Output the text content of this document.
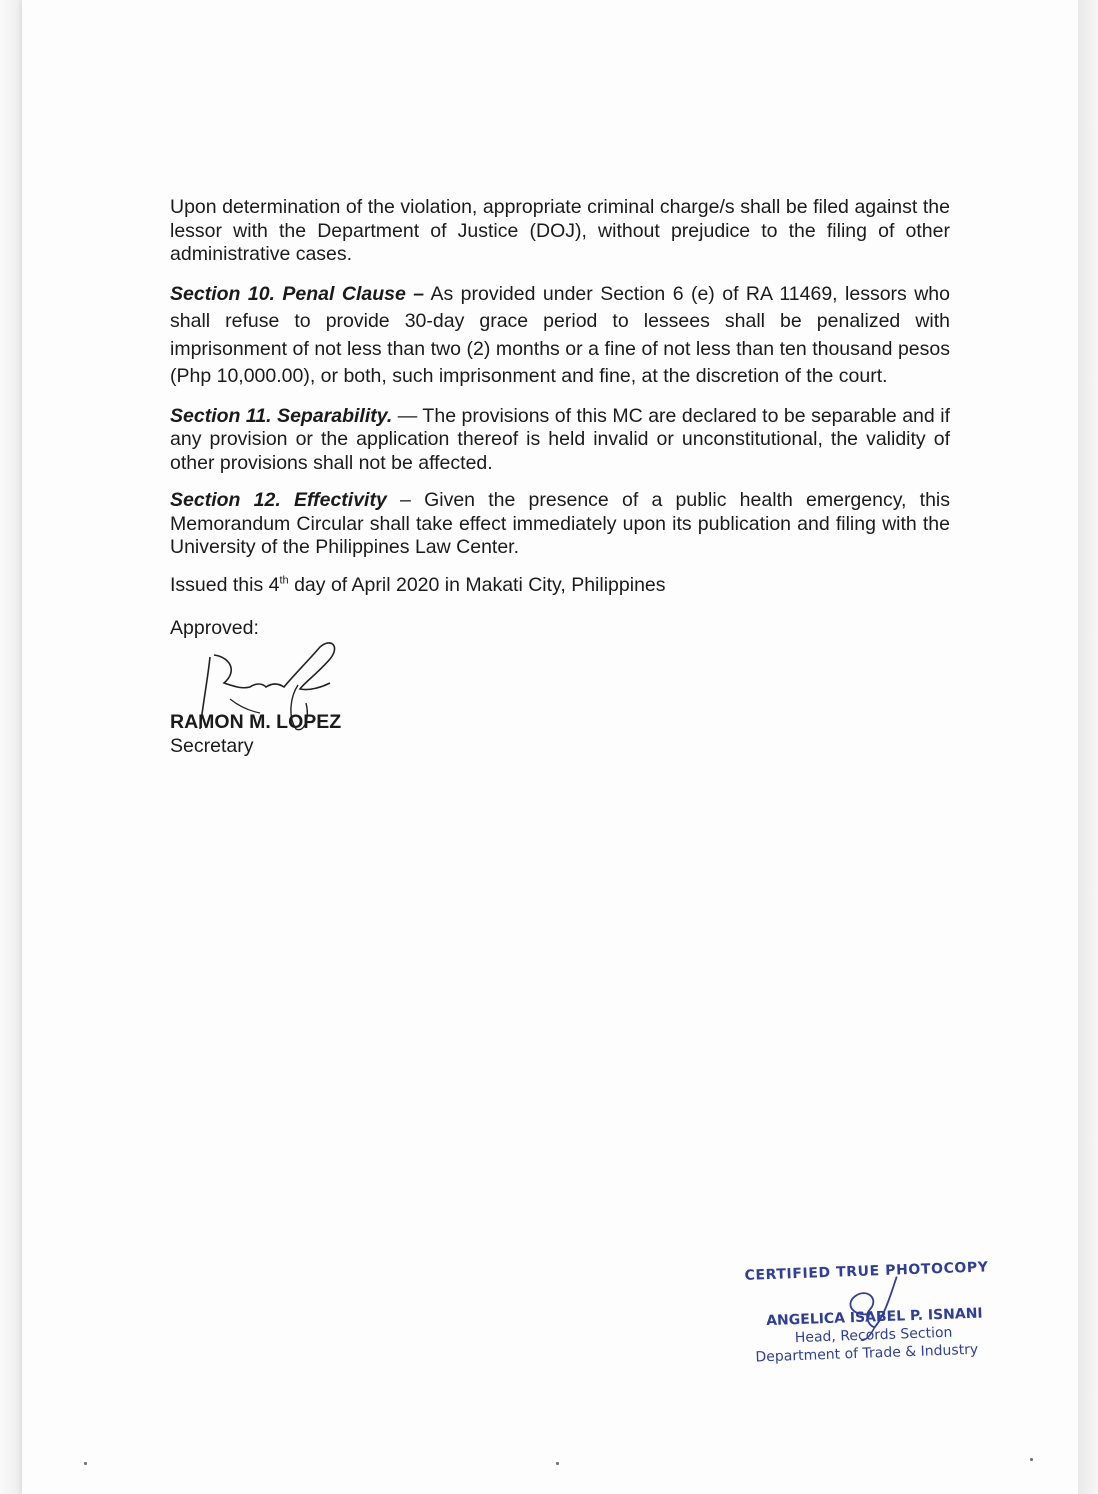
Upon determination of the violation, appropriate criminal charge/s shall be filed against the lessor with the Department of Justice (DOJ), without prejudice to the filing of other administrative cases.

Section 10. Penal Clause – As provided under Section 6 (e) of RA 11469, lessors who shall refuse to provide 30-day grace period to lessees shall be penalized with imprisonment of not less than two (2) months or a fine of not less than ten thousand pesos (Php 10,000.00), or both, such imprisonment and fine, at the discretion of the court.

Section 11. Separability. — The provisions of this MC are declared to be separable and if any provision or the application thereof is held invalid or unconstitutional, the validity of other provisions shall not be affected.

Section 12. Effectivity – Given the presence of a public health emergency, this Memorandum Circular shall take effect immediately upon its publication and filing with the University of the Philippines Law Center.

Issued this 4th day of April 2020 in Makati City, Philippines

Approved:

RAMON M. LOPEZ
Secretary
CERTIFIED TRUE PHOTOCOPY
ANGELICA ISABEL P. ISNANI
Head, Records Section
Department of Trade & Industry
